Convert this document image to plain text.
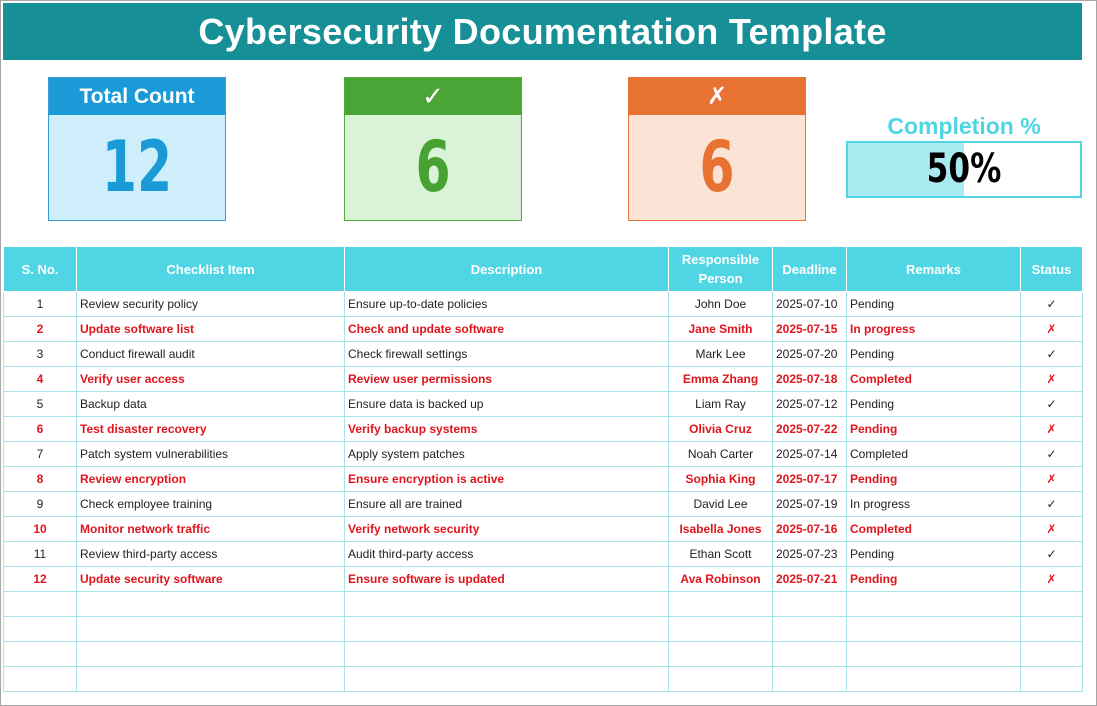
Cybersecurity Documentation Template
Total Count
12
✓
6
✗
6	Completion %
50%
S. No.	Checklist Item	Description	Responsible Person	Deadline	Remarks	Status
1	Review security policy	Ensure up-to-date policies	John Doe	2025-07-10	Pending	✓
2	Update software list	Check and update software	Jane Smith	2025-07-15	In progress	✗
3	Conduct firewall audit	Check firewall settings	Mark Lee	2025-07-20	Pending	✓
4	Verify user access	Review user permissions	Emma Zhang	2025-07-18	Completed	✗
5	Backup data	Ensure data is backed up	Liam Ray	2025-07-12	Pending	✓
6	Test disaster recovery	Verify backup systems	Olivia Cruz	2025-07-22	Pending	✗
7	Patch system vulnerabilities	Apply system patches	Noah Carter	2025-07-14	Completed	✓
8	Review encryption	Ensure encryption is active	Sophia King	2025-07-17	Pending	✗
9	Check employee training	Ensure all are trained	David Lee	2025-07-19	In progress	✓
10	Monitor network traffic	Verify network security	Isabella Jones	2025-07-16	Completed	✗
11	Review third-party access	Audit third-party access	Ethan Scott	2025-07-23	Pending	✓
12	Update security software	Ensure software is updated	Ava Robinson	2025-07-21	Pending	✗
